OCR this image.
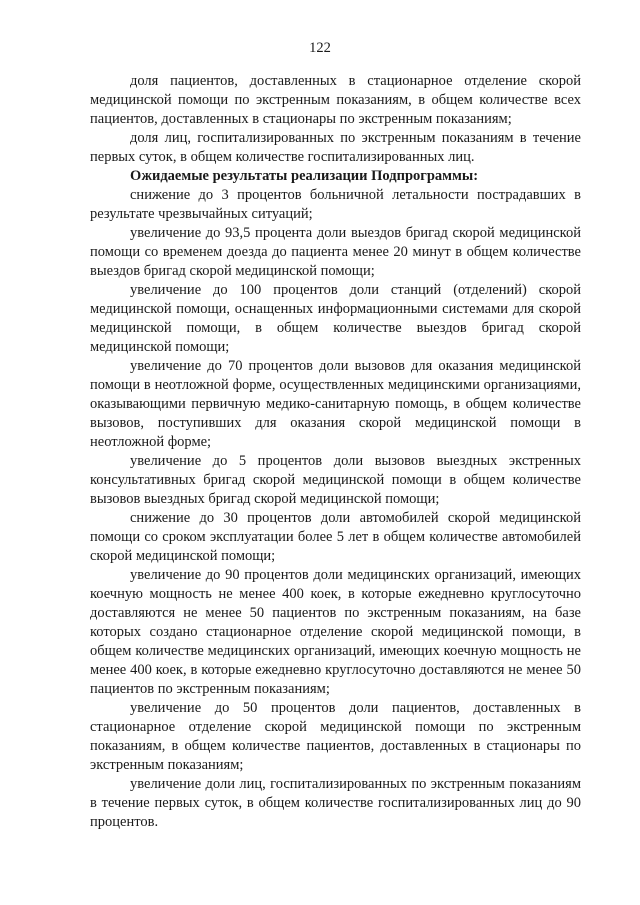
122

доля пациентов, доставленных в стационарное отделение скорой медицинской помощи по экстренным показаниям, в общем количестве всех пациентов, доставленных в стационары по экстренным показаниям;

доля лиц, госпитализированных по экстренным показаниям в течение первых суток, в общем количестве госпитализированных лиц.

Ожидаемые результаты реализации Подпрограммы:

снижение до 3 процентов больничной летальности пострадавших в результате чрезвычайных ситуаций;

увеличение до 93,5 процента доли выездов бригад скорой медицинской помощи со временем доезда до пациента менее 20 минут в общем количестве выездов бригад скорой медицинской помощи;

увеличение до 100 процентов доли станций (отделений) скорой медицинской помощи, оснащенных информационными системами для скорой медицинской помощи, в общем количестве выездов бригад скорой медицинской помощи;

увеличение до 70 процентов доли вызовов для оказания медицинской помощи в неотложной форме, осуществленных медицинскими организациями, оказывающими первичную медико-санитарную помощь, в общем количестве вызовов, поступивших для оказания скорой медицинской помощи в неотложной форме;

увеличение до 5 процентов доли вызовов выездных экстренных консультативных бригад скорой медицинской помощи в общем количестве вызовов выездных бригад скорой медицинской помощи;

снижение до 30 процентов доли автомобилей скорой медицинской помощи со сроком эксплуатации более 5 лет в общем количестве автомобилей скорой медицинской помощи;

увеличение до 90 процентов доли медицинских организаций, имеющих коечную мощность не менее 400 коек, в которые ежедневно круглосуточно доставляются не менее 50 пациентов по экстренным показаниям, на базе которых создано стационарное отделение скорой медицинской помощи, в общем количестве медицинских организаций, имеющих коечную мощность не менее 400 коек, в которые ежедневно круглосуточно доставляются не менее 50 пациентов по экстренным показаниям;

увеличение до 50 процентов доли пациентов, доставленных в стационарное отделение скорой медицинской помощи по экстренным показаниям, в общем количестве пациентов, доставленных в стационары по экстренным показаниям;

увеличение доли лиц, госпитализированных по экстренным показаниям в течение первых суток, в общем количестве госпитализированных лиц до 90 процентов.
